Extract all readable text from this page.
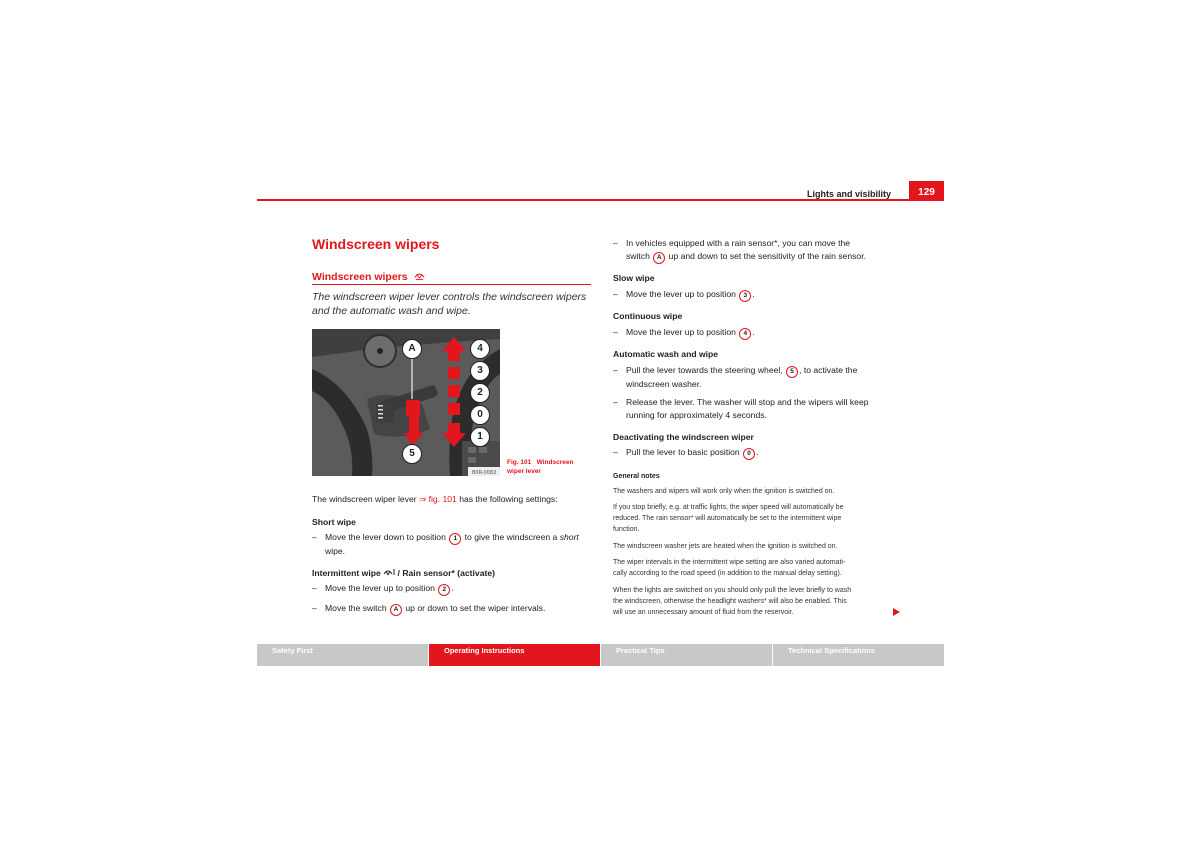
Lights and visibility	129
Windscreen wipers
Windscreen wipers
The windscreen wiper lever controls the windscreen wipers and the automatic wash and wipe.
B0R-0082
A	4
3
2
0
1
5
Fig. 101 Windscreen wiper lever
The windscreen wiper lever ⇒ fig. 101 has the following settings:
Short wipe
– Move the lever down to position 1 to give the windscreen a short wipe.
Intermittent wipe / Rain sensor* (activate)
– Move the lever up to position 2 .
– Move the switch A up or down to set the wiper intervals.
– In vehicles equipped with a rain sensor*, you can move the
switch A up and down to set the sensitivity of the rain sensor.
Slow wipe
– Move the lever up to position 3 .
Continuous wipe
– Move the lever up to position 4 .
Automatic wash and wipe
– Pull the lever towards the steering wheel, 5 , to activate the
windscreen washer.
– Release the lever. The washer will stop and the wipers will keep
running for approximately 4 seconds.
Deactivating the windscreen wiper
– Pull the lever to basic position 0 .
General notes
The washers and wipers will work only when the ignition is switched on.
If you stop briefly, e.g. at traffic lights, the wiper speed will automatically be
reduced. The rain sensor* will automatically be set to the intermittent wipe
function.
The windscreen washer jets are heated when the ignition is switched on.
The wiper intervals in the intermittent wipe setting are also varied automati-
cally according to the road speed (in addition to the manual delay setting).
When the lights are switched on you should only pull the lever briefly to wash
the windscreen, otherwise the headlight washers* will also be enabled. This
will use an unnecessary amount of fluid from the reservoir.
Safety First	Operating Instructions	Practical Tips	Technical Specifications
